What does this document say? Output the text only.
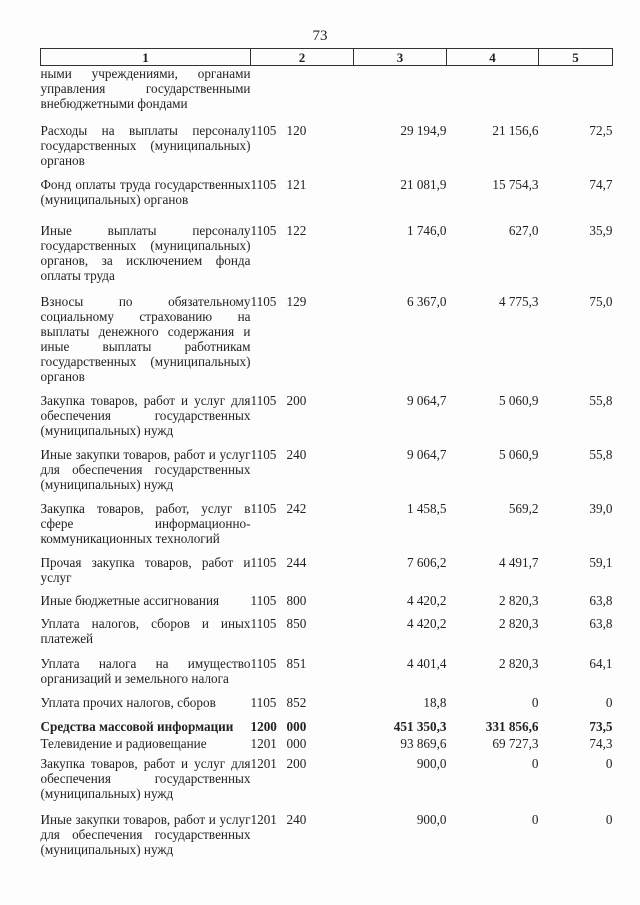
73
1	2	3	4	5
ными учреждениями, органами управления государственными внебюджетными фондами				
Расходы на выплаты персоналу государственных (муниципальных) органов	1105 120	29 194,9	21 156,6	72,5
Фонд оплаты труда государственных (муниципальных) органов	1105 121	21 081,9	15 754,3	74,7
Иные выплаты персоналу государственных (муниципальных) органов, за исключением фонда оплаты труда	1105 122	1 746,0	627,0	35,9
Взносы по обязательному социальному страхованию на выплаты денежного содержания и иные выплаты работникам государственных (муниципальных) органов	1105 129	6 367,0	4 775,3	75,0
Закупка товаров, работ и услуг для обеспечения государственных (муниципальных) нужд	1105 200	9 064,7	5 060,9	55,8
Иные закупки товаров, работ и услуг для обеспечения государственных (муниципальных) нужд	1105 240	9 064,7	5 060,9	55,8
Закупка товаров, работ, услуг в сфере информационно-коммуникационных технологий	1105 242	1 458,5	569,2	39,0
Прочая закупка товаров, работ и услуг	1105 244	7 606,2	4 491,7	59,1
Иные бюджетные ассигнования	1105 800	4 420,2	2 820,3	63,8
Уплата налогов, сборов и иных платежей	1105 850	4 420,2	2 820,3	63,8
Уплата налога на имущество организаций и земельного налога	1105 851	4 401,4	2 820,3	64,1
Уплата прочих налогов, сборов	1105 852	18,8	0	0
Средства массовой информации	1200 000	451 350,3	331 856,6	73,5
Телевидение и радиовещание	1201 000	93 869,6	69 727,3	74,3
Закупка товаров, работ и услуг для обеспечения государственных (муниципальных) нужд	1201 200	900,0	0	0
Иные закупки товаров, работ и услуг для обеспечения государственных (муниципальных) нужд	1201 240	900,0	0	0
